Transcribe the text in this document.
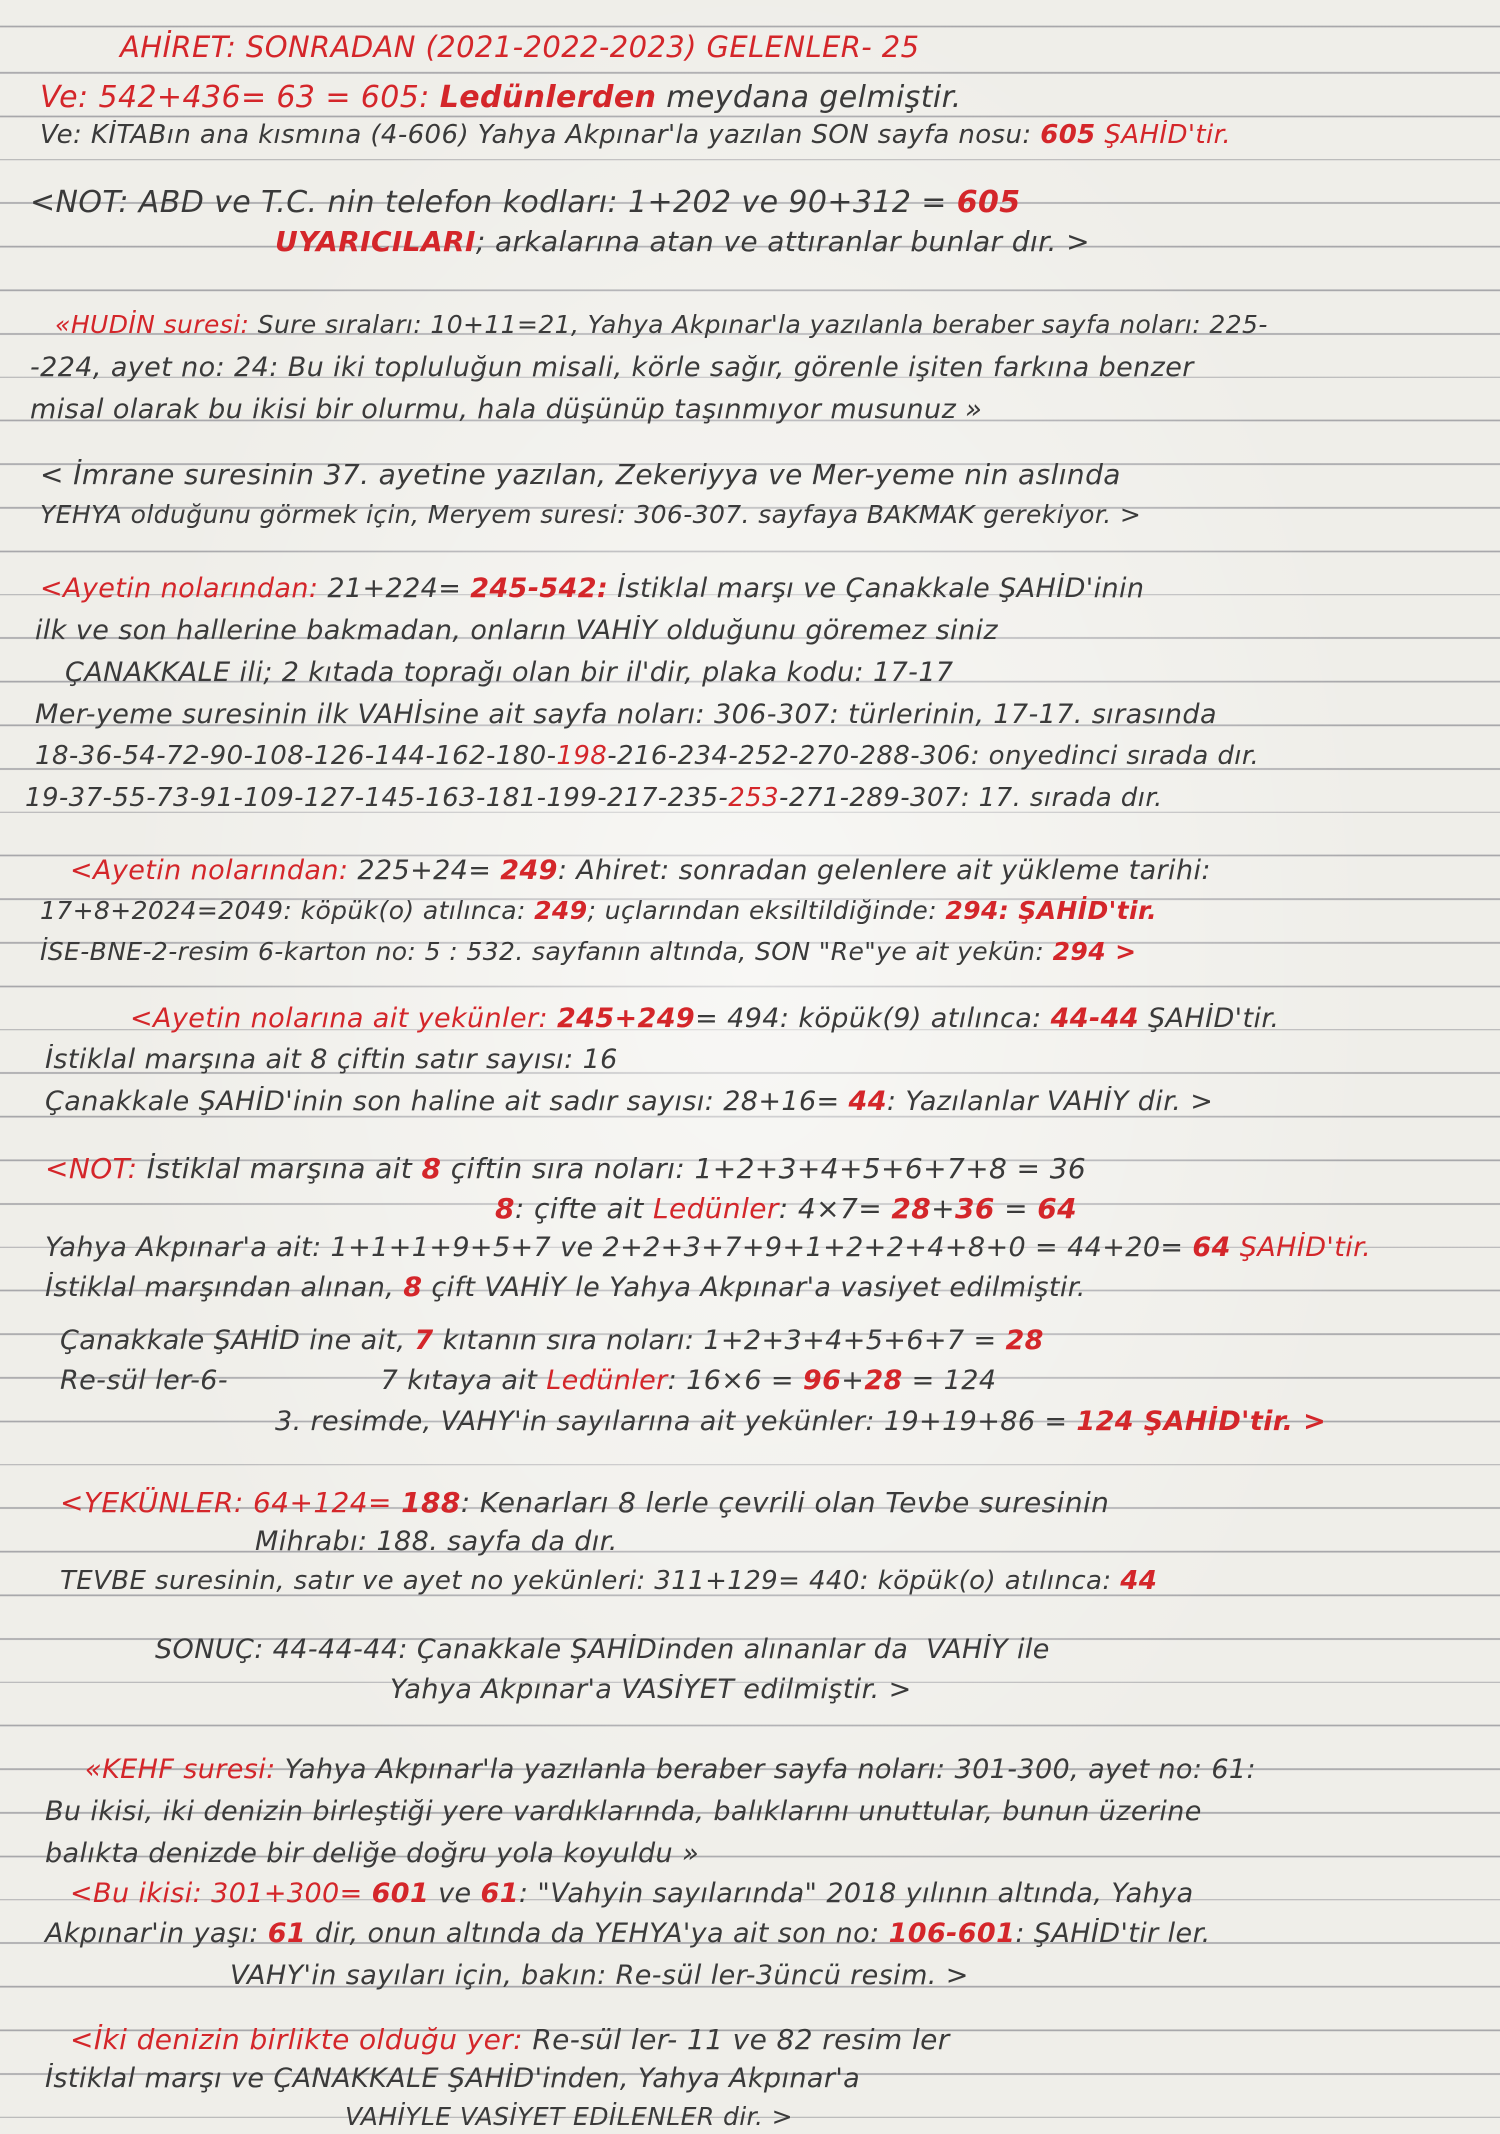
AHİRET: SONRADAN (2021-2022-2023) GELENLER- 25
Ve: 542+436= 63 = 605: Ledünlerden meydana gelmiştir.
Ve: KİTABın ana kısmına (4-606) Yahya Akpınar'la yazılan SON sayfa nosu: 605 ŞAHİD'tir.
<NOT: ABD ve T.C. nin telefon kodları: 1+202 ve 90+312 = 605
UYARICILARI; arkalarına atan ve attıranlar bunlar dır. >
«HUDİN suresi: Sure sıraları: 10+11=21, Yahya Akpınar'la yazılanla beraber sayfa noları: 225-
-224, ayet no: 24: Bu iki topluluğun misali, körle sağır, görenle işiten farkına benzer
misal olarak bu ikisi bir olurmu, hala düşünüp taşınmıyor musunuz »
< İmrane suresinin 37. ayetine yazılan, Zekeriyya ve Mer-yeme nin aslında
YEHYA olduğunu görmek için, Meryem suresi: 306-307. sayfaya BAKMAK gerekiyor. >
<Ayetin nolarından: 21+224= 245-542: İstiklal marşı ve Çanakkale ŞAHİD'inin
ilk ve son hallerine bakmadan, onların VAHİY olduğunu göremez siniz
ÇANAKKALE ili; 2 kıtada toprağı olan bir il'dir, plaka kodu: 17-17
Mer-yeme suresinin ilk VAHİsine ait sayfa noları: 306-307: türlerinin, 17-17. sırasında
18-36-54-72-90-108-126-144-162-180-198-216-234-252-270-288-306: onyedinci sırada dır.
19-37-55-73-91-109-127-145-163-181-199-217-235-253-271-289-307: 17. sırada dır.
<Ayetin nolarından: 225+24= 249: Ahiret: sonradan gelenlere ait yükleme tarihi:
17+8+2024=2049: köpük(o) atılınca: 249; uçlarından eksiltildiğinde: 294: ŞAHİD'tir.
İSE-BNE-2-resim 6-karton no: 5 : 532. sayfanın altında, SON "Re"ye ait yekün: 294 >
<Ayetin nolarına ait yekünler: 245+249= 494: köpük(9) atılınca: 44-44 ŞAHİD'tir.
İstiklal marşına ait 8 çiftin satır sayısı: 16
Çanakkale ŞAHİD'inin son haline ait sadır sayısı: 28+16= 44: Yazılanlar VAHİY dir. >
<NOT: İstiklal marşına ait 8 çiftin sıra noları: 1+2+3+4+5+6+7+8 = 36
8: çifte ait Ledünler: 4×7= 28+36 = 64
Yahya Akpınar'a ait: 1+1+1+9+5+7 ve 2+2+3+7+9+1+2+2+4+8+0 = 44+20= 64 ŞAHİD'tir.
İstiklal marşından alınan, 8 çift VAHİY le Yahya Akpınar'a vasiyet edilmiştir.
Çanakkale ŞAHİD ine ait, 7 kıtanın sıra noları: 1+2+3+4+5+6+7 = 28
Re-sül ler-6-                 7 kıtaya ait Ledünler: 16×6 = 96+28 = 124
3. resimde, VAHY'in sayılarına ait yekünler: 19+19+86 = 124 ŞAHİD'tir. >
<YEKÜNLER: 64+124= 188: Kenarları 8 lerle çevrili olan Tevbe suresinin
Mihrabı: 188. sayfa da dır.
TEVBE suresinin, satır ve ayet no yekünleri: 311+129= 440: köpük(o) atılınca: 44
SONUÇ: 44-44-44: Çanakkale ŞAHİDinden alınanlar da  VAHİY ile
Yahya Akpınar'a VASİYET edilmiştir. >
«KEHF suresi: Yahya Akpınar'la yazılanla beraber sayfa noları: 301-300, ayet no: 61:
Bu ikisi, iki denizin birleştiği yere vardıklarında, balıklarını unuttular, bunun üzerine
balıkta denizde bir deliğe doğru yola koyuldu »
<Bu ikisi: 301+300= 601 ve 61: "Vahyin sayılarında" 2018 yılının altında, Yahya
Akpınar'in yaşı: 61 dir, onun altında da YEHYA'ya ait son no: 106-601: ŞAHİD'tir ler.
VAHY'in sayıları için, bakın: Re-sül ler-3üncü resim. >
<İki denizin birlikte olduğu yer: Re-sül ler- 11 ve 82 resim ler
İstiklal marşı ve ÇANAKKALE ŞAHİD'inden, Yahya Akpınar'a
VAHİYLE VASİYET EDİLENLER dir. >
